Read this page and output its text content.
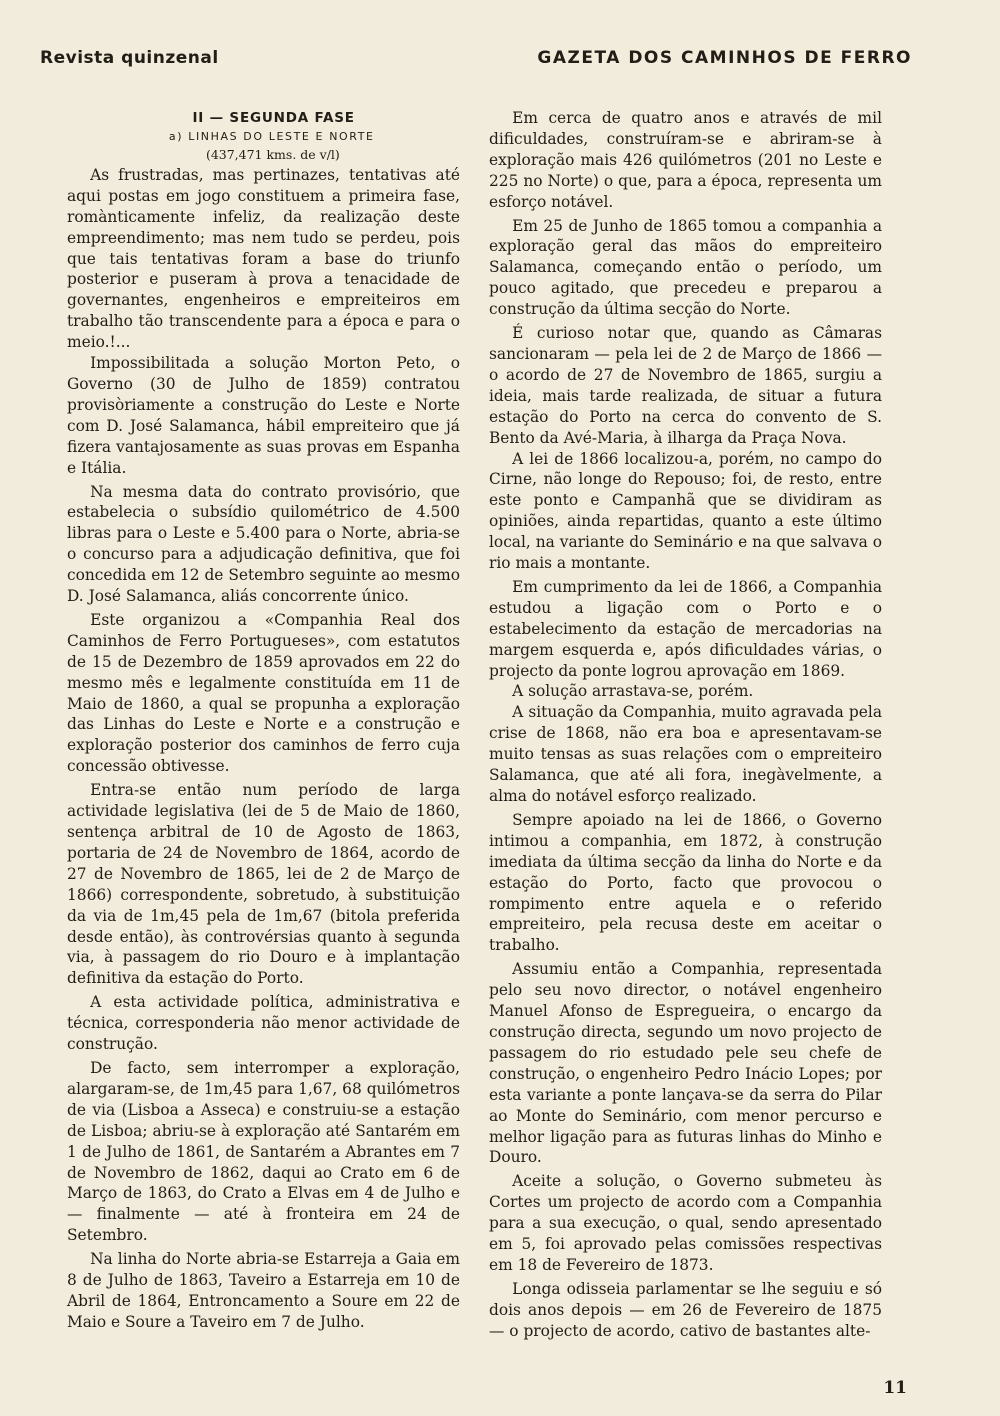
Revista quinzenal	GAZETA DOS CAMINHOS DE FERRO

II — SEGUNDA FASE

a) LINHAS DO LESTE E NORTE

(437,471 kms. de v/l)

As frustradas, mas pertinazes, tentativas até aqui postas em jogo constituem a primeira fase, romànticamente infeliz, da realização deste empreendimento; mas nem tudo se perdeu, pois que tais tentativas foram a base do triunfo posterior e puseram à prova a tenacidade de governantes, engenheiros e empreiteiros em trabalho tão transcendente para a época e para o meio.!...

Impossibilitada a solução Morton Peto, o Governo (30 de Julho de 1859) contratou provisòriamente a construção do Leste e Norte com D. José Salamanca, hábil empreiteiro que já fizera vantajosamente as suas provas em Espanha e Itália.

Na mesma data do contrato provisório, que estabelecia o subsídio quilométrico de 4.500 libras para o Leste e 5.400 para o Norte, abria-se o concurso para a adjudicação definitiva, que foi concedida em 12 de Setembro seguinte ao mesmo D. José Salamanca, aliás concorrente único.

Este organizou a «Companhia Real dos Caminhos de Ferro Portugueses», com estatutos de 15 de Dezembro de 1859 aprovados em 22 do mesmo mês e legalmente constituída em 11 de Maio de 1860, a qual se propunha a exploração das Linhas do Leste e Norte e a construção e exploração posterior dos caminhos de ferro cuja concessão obtivesse.

Entra-se então num período de larga actividade legislativa (lei de 5 de Maio de 1860, sentença arbitral de 10 de Agosto de 1863, portaria de 24 de Novembro de 1864, acordo de 27 de Novembro de 1865, lei de 2 de Março de 1866) correspondente, sobretudo, à substituição da via de 1m,45 pela de 1m,67 (bitola preferida desde então), às controvérsias quanto à segunda via, à passagem do rio Douro e à implantação definitiva da estação do Porto.

A esta actividade política, administrativa e técnica, corresponderia não menor actividade de construção.

De facto, sem interromper a exploração, alargaram-se, de 1m,45 para 1,67, 68 quilómetros de via (Lisboa a Asseca) e construiu-se a estação de Lisboa; abriu-se à exploração até Santarém em 1 de Julho de 1861, de Santarém a Abrantes em 7 de Novembro de 1862, daqui ao Crato em 6 de Março de 1863, do Crato a Elvas em 4 de Julho e — finalmente — até à fronteira em 24 de Setembro.

Na linha do Norte abria-se Estarreja a Gaia em 8 de Julho de 1863, Taveiro a Estarreja em 10 de Abril de 1864, Entroncamento a Soure em 22 de Maio e Soure a Taveiro em 7 de Julho.

Em cerca de quatro anos e através de mil dificuldades, construíram-se e abriram-se à exploração mais 426 quilómetros (201 no Leste e 225 no Norte) o que, para a época, representa um esforço notável.

Em 25 de Junho de 1865 tomou a companhia a exploração geral das mãos do empreiteiro Salamanca, começando então o período, um pouco agitado, que precedeu e preparou a construção da última secção do Norte.

É curioso notar que, quando as Câmaras sancionaram — pela lei de 2 de Março de 1866 — o acordo de 27 de Novembro de 1865, surgiu a ideia, mais tarde realizada, de situar a futura estação do Porto na cerca do convento de S. Bento da Avé-Maria, à ilharga da Praça Nova.

A lei de 1866 localizou-a, porém, no campo do Cirne, não longe do Repouso; foi, de resto, entre este ponto e Campanhã que se dividiram as opiniões, ainda repartidas, quanto a este último local, na variante do Seminário e na que salvava o rio mais a montante.

Em cumprimento da lei de 1866, a Companhia estudou a ligação com o Porto e o estabelecimento da estação de mercadorias na margem esquerda e, após dificuldades várias, o projecto da ponte logrou aprovação em 1869.

A solução arrastava-se, porém.

A situação da Companhia, muito agravada pela crise de 1868, não era boa e apresentavam-se muito tensas as suas relações com o empreiteiro Salamanca, que até ali fora, inegàvelmente, a alma do notável esforço realizado.

Sempre apoiado na lei de 1866, o Governo intimou a companhia, em 1872, à construção imediata da última secção da linha do Norte e da estação do Porto, facto que provocou o rompimento entre aquela e o referido empreiteiro, pela recusa deste em aceitar o trabalho.

Assumiu então a Companhia, representada pelo seu novo director, o notável engenheiro Manuel Afonso de Espregueira, o encargo da construção directa, segundo um novo projecto de passagem do rio estudado pele seu chefe de construção, o engenheiro Pedro Inácio Lopes; por esta variante a ponte lançava-se da serra do Pilar ao Monte do Seminário, com menor percurso e melhor ligação para as futuras linhas do Minho e Douro.

Aceite a solução, o Governo submeteu às Cortes um projecto de acordo com a Companhia para a sua execução, o qual, sendo apresentado em 5, foi aprovado pelas comissões respectivas em 18 de Fevereiro de 1873.

Longa odisseia parlamentar se lhe seguiu e só dois anos depois — em 26 de Fevereiro de 1875 — o projecto de acordo, cativo de bastantes alte-

11
